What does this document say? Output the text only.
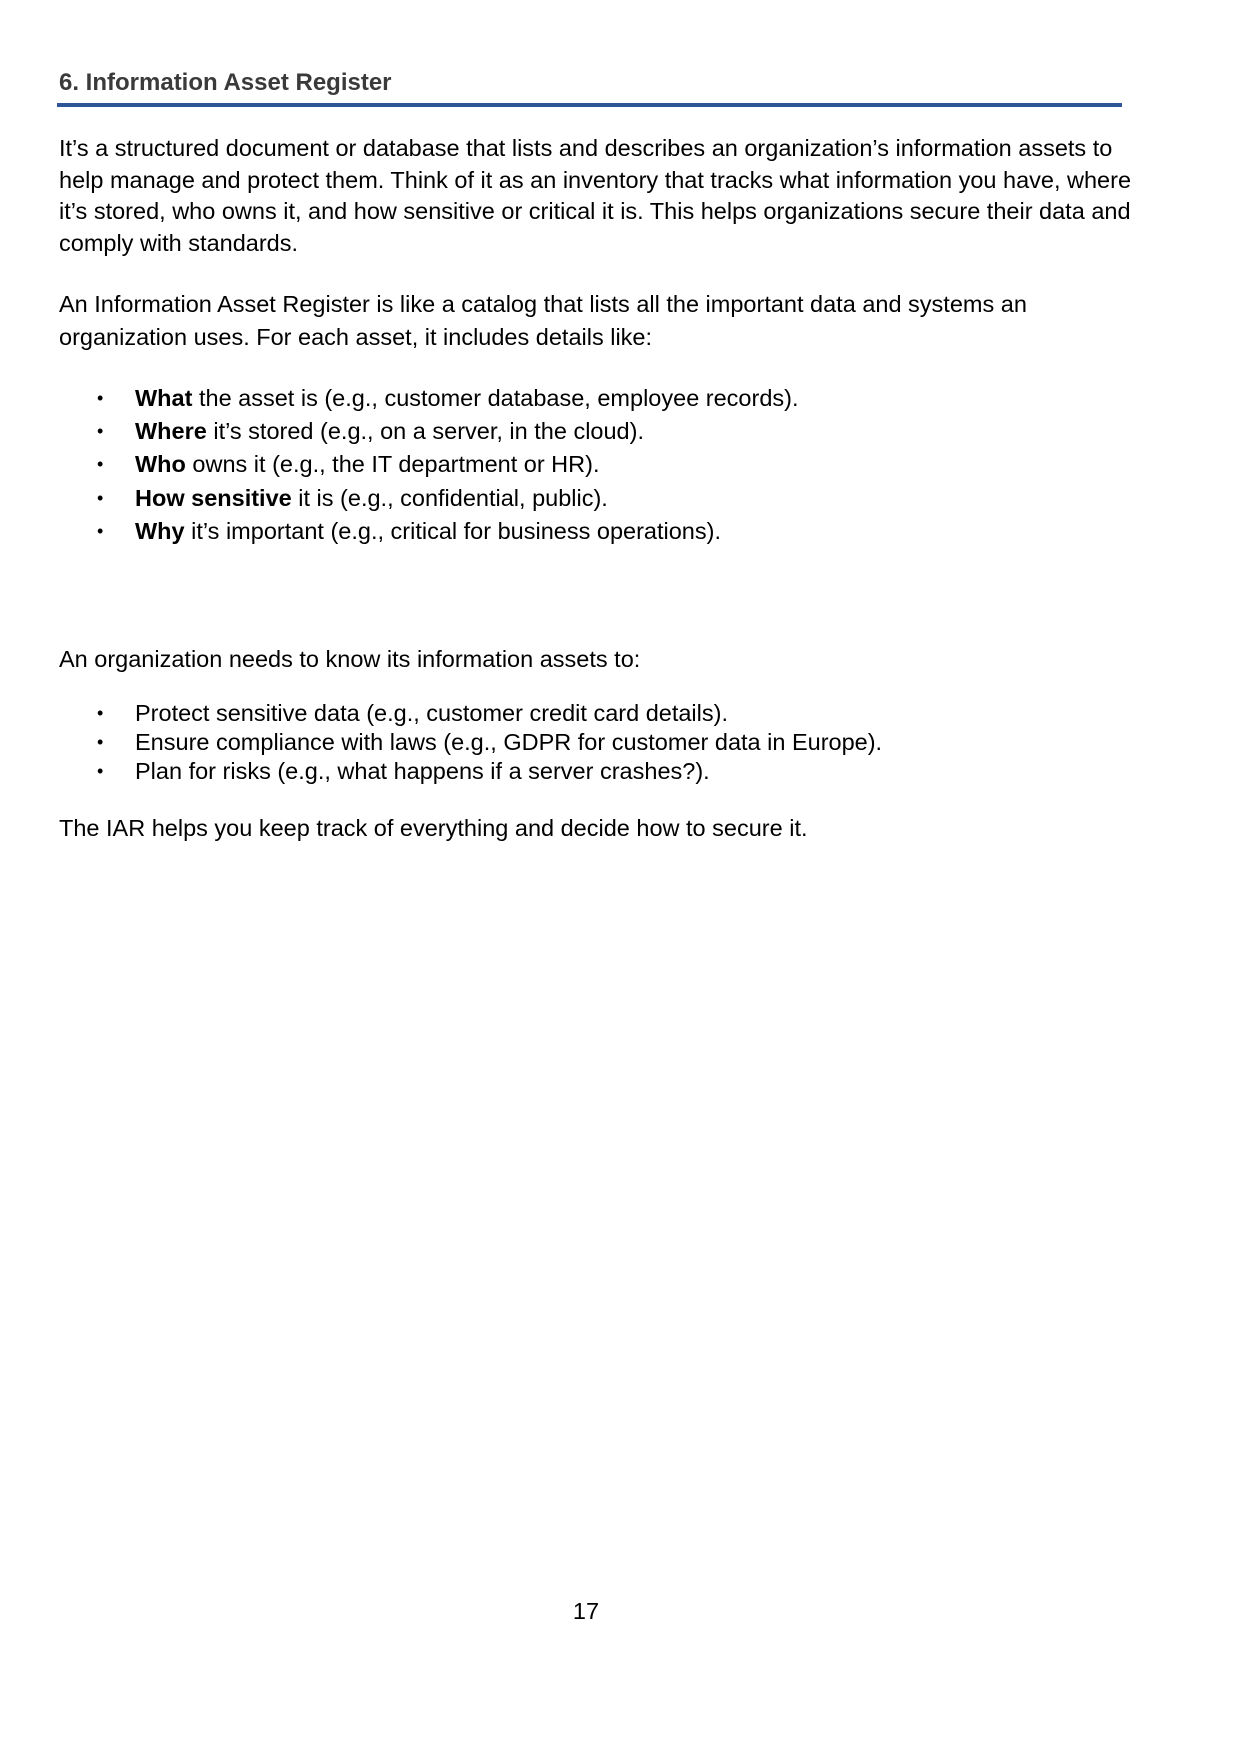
6. Information Asset Register

It’s a structured document or database that lists and describes an organization’s information assets to help manage and protect them. Think of it as an inventory that tracks what information you have, where it’s stored, who owns it, and how sensitive or critical it is. This helps organizations secure their data and comply with standards.

An Information Asset Register is like a catalog that lists all the important data and systems an organization uses. For each asset, it includes details like:

• What the asset is (e.g., customer database, employee records).
• Where it’s stored (e.g., on a server, in the cloud).
• Who owns it (e.g., the IT department or HR).
• How sensitive it is (e.g., confidential, public).
• Why it’s important (e.g., critical for business operations).

An organization needs to know its information assets to:

• Protect sensitive data (e.g., customer credit card details).
• Ensure compliance with laws (e.g., GDPR for customer data in Europe).
• Plan for risks (e.g., what happens if a server crashes?).

The IAR helps you keep track of everything and decide how to secure it.

17
